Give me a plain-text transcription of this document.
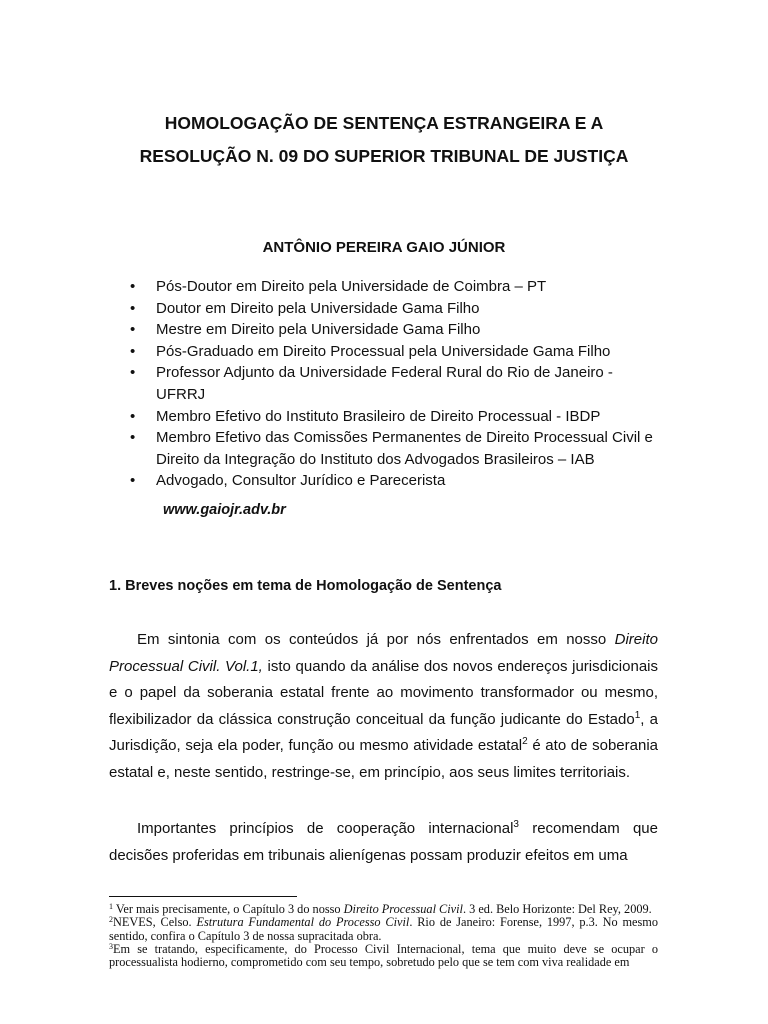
HOMOLOGAÇÃO DE SENTENÇA ESTRANGEIRA E A
RESOLUÇÃO N. 09 DO SUPERIOR TRIBUNAL DE JUSTIÇA
ANTÔNIO PEREIRA GAIO JÚNIOR
• Pós-Doutor em Direito pela Universidade de Coimbra – PT
• Doutor em Direito pela Universidade Gama Filho
• Mestre em Direito pela Universidade Gama Filho
• Pós-Graduado em Direito Processual pela Universidade Gama Filho
• Professor Adjunto da Universidade Federal Rural do Rio de Janeiro - UFRRJ
• Membro Efetivo do Instituto Brasileiro de Direito Processual - IBDP
• Membro Efetivo das Comissões Permanentes de Direito Processual Civil e Direito da Integração do Instituto dos Advogados Brasileiros – IAB
• Advogado, Consultor Jurídico e Parecerista
www.gaiojr.adv.br
1. Breves noções em tema de Homologação de Sentença

Em sintonia com os conteúdos já por nós enfrentados em nosso Direito Processual Civil. Vol.1, isto quando da análise dos novos endereços jurisdicionais e o papel da soberania estatal frente ao movimento transformador ou mesmo, flexibilizador da clássica construção conceitual da função judicante do Estado$^1$, a Jurisdição, seja ela poder, função ou mesmo atividade estatal$^2$ é ato de soberania estatal e, neste sentido, restringe-se, em princípio, aos seus limites territoriais.

Importantes princípios de cooperação internacional$^3$ recomendam que decisões proferidas em tribunais alienígenas possam produzir efeitos em uma

$^1$ Ver mais precisamente, o Capítulo 3 do nosso Direito Processual Civil. 3 ed. Belo Horizonte: Del Rey, 2009.

$^2$NEVES, Celso. Estrutura Fundamental do Processo Civil. Rio de Janeiro: Forense, 1997, p.3. No mesmo sentido, confira o Capítulo 3 de nossa supracitada obra.

$^3$Em se tratando, especificamente, do Processo Civil Internacional, tema que muito deve se ocupar o processualista hodierno, comprometido com seu tempo, sobretudo pelo que se tem com viva realidade em
